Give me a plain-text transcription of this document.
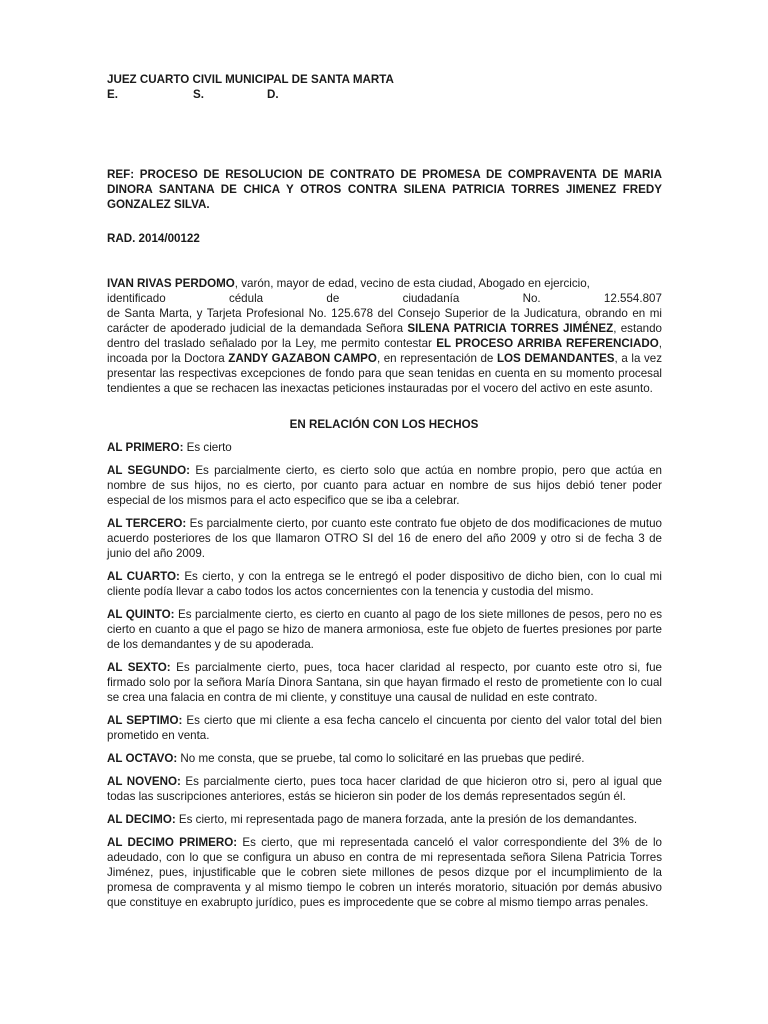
JUEZ CUARTO CIVIL MUNICIPAL DE SANTA MARTA
E.	S.	D.

REF: PROCESO DE RESOLUCION DE CONTRATO DE PROMESA DE COMPRAVENTA DE MARIA DINORA SANTANA DE CHICA Y OTROS CONTRA SILENA PATRICIA TORRES JIMENEZ FREDY GONZALEZ SILVA.

RAD. 2014/00122
IVAN RIVAS PERDOMO, varón, mayor de edad, vecino de esta ciudad, Abogado en ejercicio,
identificado	cédula	de	ciudadanía	No.	12.554.807

de Santa Marta, y Tarjeta Profesional No. 125.678 del Consejo Superior de la Judicatura, obrando en mi carácter de apoderado judicial de la demandada Señora SILENA PATRICIA TORRES JIMÉNEZ, estando dentro del traslado señalado por la Ley, me permito contestar EL PROCESO ARRIBA REFERENCIADO, incoada por la Doctora ZANDY GAZABON CAMPO, en representación de LOS DEMANDANTES, a la vez presentar las respectivas excepciones de fondo para que sean tenidas en cuenta en su momento procesal tendientes a que se rechacen las inexactas peticiones instauradas por el vocero del activo en este asunto.

EN RELACIÓN CON LOS HECHOS

AL PRIMERO: Es cierto

AL SEGUNDO: Es parcialmente cierto, es cierto solo que actúa en nombre propio, pero que actúa en nombre de sus hijos, no es cierto, por cuanto para actuar en nombre de sus hijos debió tener poder especial de los mismos para el acto especifico que se iba a celebrar.

AL TERCERO: Es parcialmente cierto, por cuanto este contrato fue objeto de dos modificaciones de mutuo acuerdo posteriores de los que llamaron OTRO SI del 16 de enero del año 2009 y otro si de fecha 3 de junio del año 2009.

AL CUARTO: Es cierto, y con la entrega se le entregó el poder dispositivo de dicho bien, con lo cual mi cliente podía llevar a cabo todos los actos concernientes con la tenencia y custodia del mismo.

AL QUINTO: Es parcialmente cierto, es cierto en cuanto al pago de los siete millones de pesos, pero no es cierto en cuanto a que el pago se hizo de manera armoniosa, este fue objeto de fuertes presiones por parte de los demandantes y de su apoderada.

AL SEXTO: Es parcialmente cierto, pues, toca hacer claridad al respecto, por cuanto este otro si, fue firmado solo por la señora María Dinora Santana, sin que hayan firmado el resto de prometiente con lo cual se crea una falacia en contra de mi cliente, y constituye una causal de nulidad en este contrato.

AL SEPTIMO: Es cierto que mi cliente a esa fecha cancelo el cincuenta por ciento del valor total del bien prometido en venta.

AL OCTAVO: No me consta, que se pruebe, tal como lo solicitaré en las pruebas que pediré.

AL NOVENO: Es parcialmente cierto, pues toca hacer claridad de que hicieron otro si, pero al igual que todas las suscripciones anteriores, estás se hicieron sin poder de los demás representados según él.

AL DECIMO: Es cierto, mi representada pago de manera forzada, ante la presión de los demandantes.

AL DECIMO PRIMERO: Es cierto, que mi representada canceló el valor correspondiente del 3% de lo adeudado, con lo que se configura un abuso en contra de mi representada señora Silena Patricia Torres Jiménez, pues, injustificable que le cobren siete millones de pesos dizque por el incumplimiento de la promesa de compraventa y al mismo tiempo le cobren un interés moratorio, situación por demás abusivo que constituye en exabrupto jurídico, pues es improcedente que se cobre al mismo tiempo arras penales.
